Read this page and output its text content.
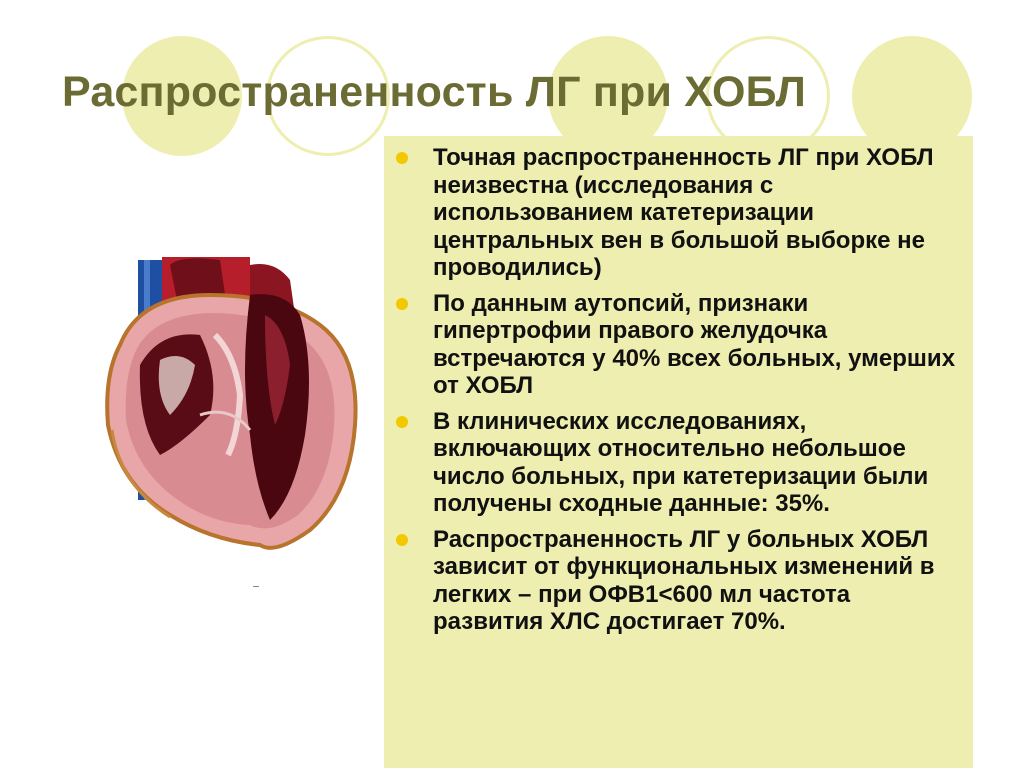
Распространенность ЛГ при ХОБЛ
Точная распространенность ЛГ при ХОБЛ неизвестна (исследования с использованием катетеризации центральных вен в большой выборке не проводились)
По данным аутопсий, признаки гипертрофии правого желудочка встречаются у 40% всех больных, умерших от ХОБЛ
В клинических исследованиях, включающих относительно небольшое число больных, при катетеризации были получены сходные данные: 35%.
Распространенность ЛГ у больных ХОБЛ зависит от функциональных изменений в легких – при ОФВ1<600 мл частота развития ХЛС достигает 70%.
